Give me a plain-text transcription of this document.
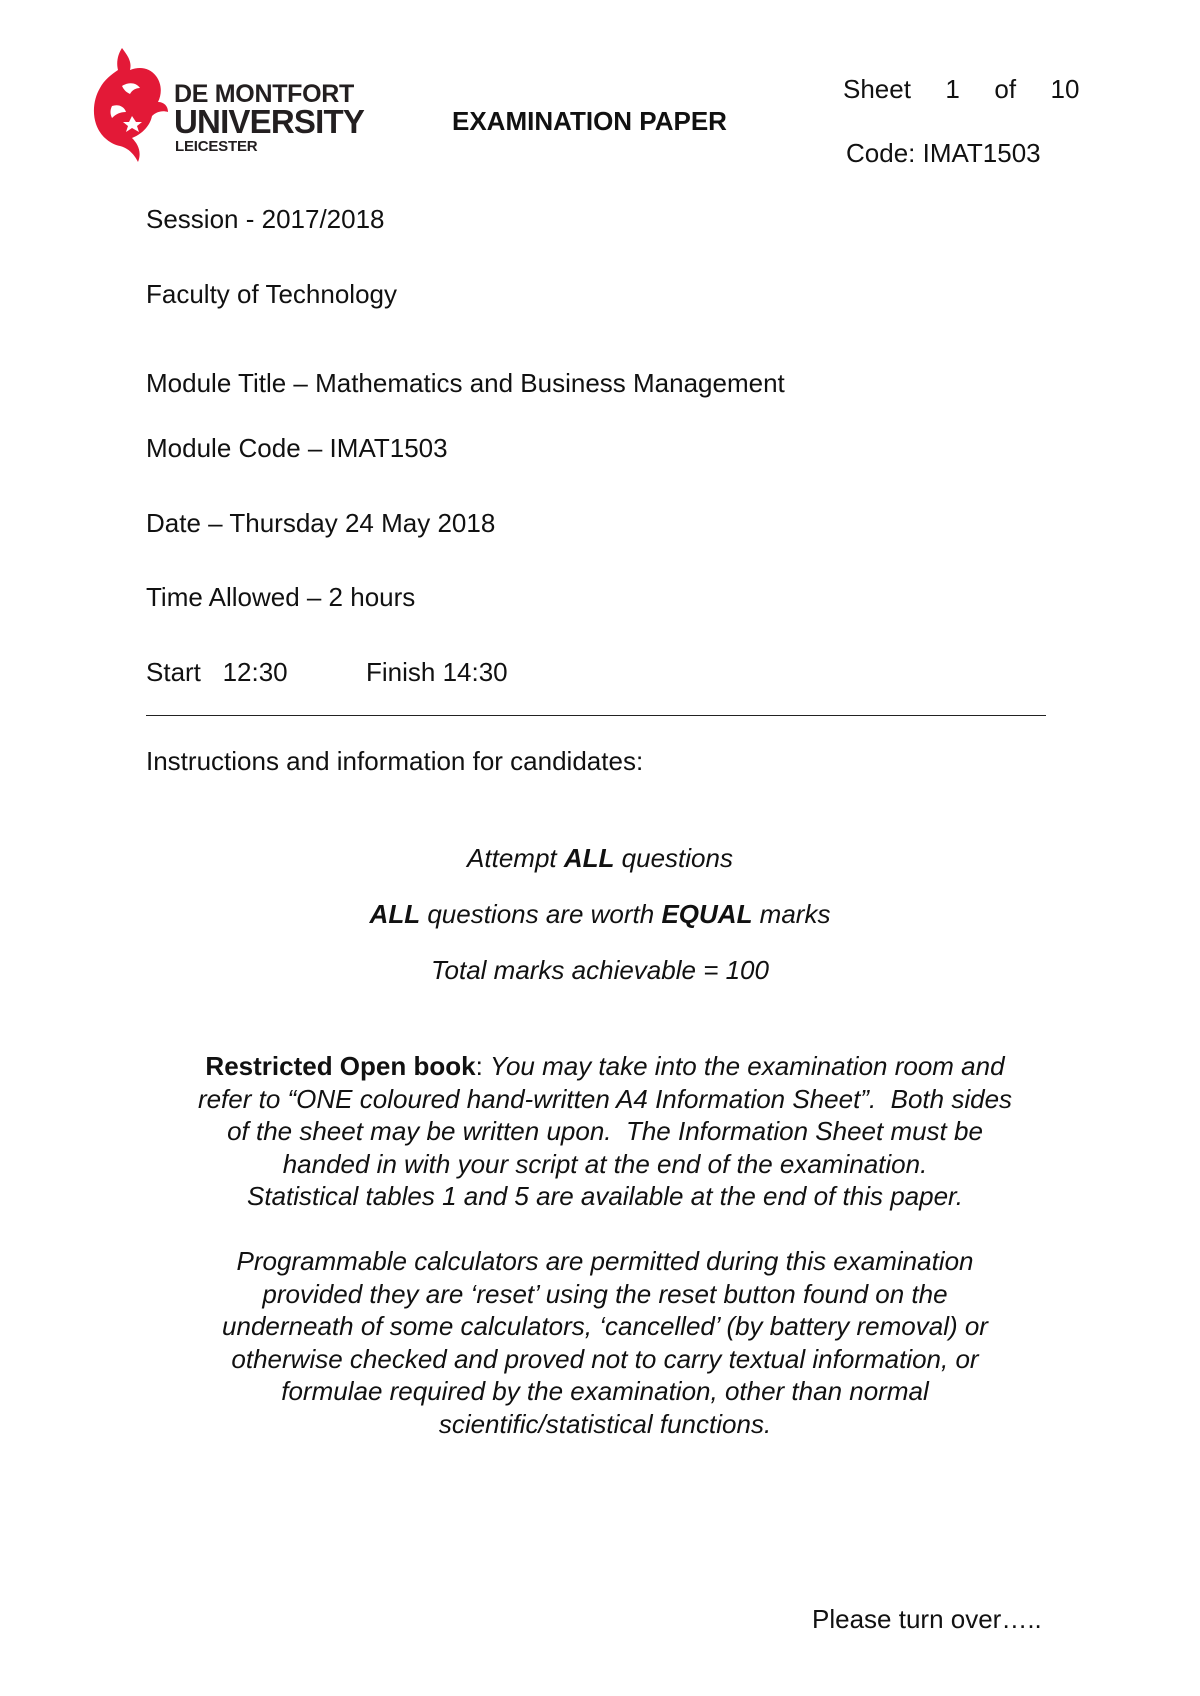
DE MONTFORT
UNIVERSITY
LEICESTER
EXAMINATION PAPER
Sheet 1 of 10
Code: IMAT1503
Session - 2017/2018
Faculty of Technology
Module Title – Mathematics and Business Management
Module Code – IMAT1503
Date – Thursday 24 May 2018
Time Allowed – 2 hours
Start   12:30	Finish 14:30
Instructions and information for candidates:
Attempt ALL questions
ALL questions are worth EQUAL marks
Total marks achievable = 100
Restricted Open book: You may take into the examination room and
refer to “ONE coloured hand-written A4 Information Sheet”.  Both sides
of the sheet may be written upon.  The Information Sheet must be
handed in with your script at the end of the examination.
Statistical tables 1 and 5 are available at the end of this paper.
Programmable calculators are permitted during this examination
provided they are ‘reset’ using the reset button found on the
underneath of some calculators, ‘cancelled’ (by battery removal) or
otherwise checked and proved not to carry textual information, or
formulae required by the examination, other than normal
scientific/statistical functions.
Please turn over…..
